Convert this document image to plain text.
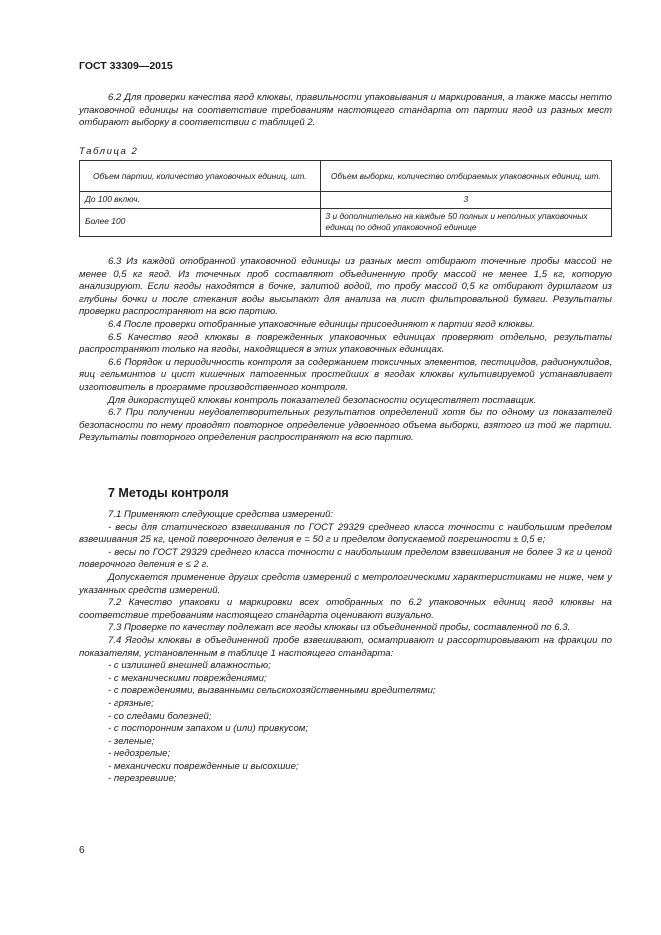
ГОСТ 33309—2015

6.2 Для проверки качества ягод клюквы, правильности упаковывания и маркирования, а также массы нетто упаковочной единицы на соответствие требованиям настоящего стандарта от партии ягод из разных мест отбирают выборку в соответствии с таблицей 2.

Таблица 2
Объем партии, количество упаковочных единиц, шт.	Объем выборки, количество отбираемых упаковочных единиц, шт.
До 100 включ.	3
Более 100	3 и дополнительно на каждые 50 полных и неполных упаковочных единиц по одной упаковочной единице

6.3 Из каждой отобранной упаковочной единицы из разных мест отбирают точечные пробы массой не менее 0,5 кг ягод. Из точечных проб составляют объединенную пробу массой не менее 1,5 кг, которую анализируют. Если ягоды находятся в бочке, залитой водой, то пробу массой 0,5 кг отбирают дуршлагом из глубины бочки и после стекания воды высыпают для анализа на лист фильтровальной бумаги. Результаты проверки распространяют на всю партию.

6.4 После проверки отобранные упаковочные единицы присоединяют к партии ягод клюквы.

6.5 Качество ягод клюквы в поврежденных упаковочных единицах проверяют отдельно, результаты распространяют только на ягоды, находящиеся в этих упаковочных единицах.

6.6 Порядок и периодичность контроля за содержанием токсичных элементов, пестицидов, радионуклидов, яиц гельминтов и цист кишечных патогенных простейших в ягодах клюквы культивируемой устанавливает изготовитель в программе производственного контроля.

Для дикорастущей клюквы контроль показателей безопасности осуществляет поставщик.

6.7 При получении неудовлетворительных результатов определений хотя бы по одному из показателей безопасности по нему проводят повторное определение удвоенного объема выборки, взятого из той же партии. Результаты повторного определения распространяют на всю партию.

7 Методы контроля

7.1 Применяют следующие средства измерений:

- весы для статического взвешивания по ГОСТ 29329 среднего класса точности с наибольшим пределом взвешивания 25 кг, ценой поверочного деления е = 50 г и пределом допускаемой погрешности ± 0,5 е;

- весы по ГОСТ 29329 среднего класса точности с наибольшим пределом взвешивания не более 3 кг и ценой поверочного деления е ≤ 2 г.

Допускается применение других средств измерений с метрологическими характеристиками не ниже, чем у указанных средств измерений.

7.2 Качество упаковки и маркировки всех отобранных по 6.2 упаковочных единиц ягод клюквы на соответствие требованиям настоящего стандарта оценивают визуально.

7.3 Проверке по качеству подлежат все ягоды клюквы из объединенной пробы, составленной по 6.3.

7.4 Ягоды клюквы в объединенной пробе взвешивают, осматривают и рассортировывают на фракции по показателям, установленным в таблице 1 настоящего стандарта:

- с излишней внешней влажностью;

- с механическими повреждениями;

- с повреждениями, вызванными сельскохозяйственными вредителями;

- грязные;

- со следами болезней;

- с посторонним запахом и (или) привкусом;

- зеленые;

- недозрелые;

- механически поврежденные и высохшие;

- перезревшие;

6
